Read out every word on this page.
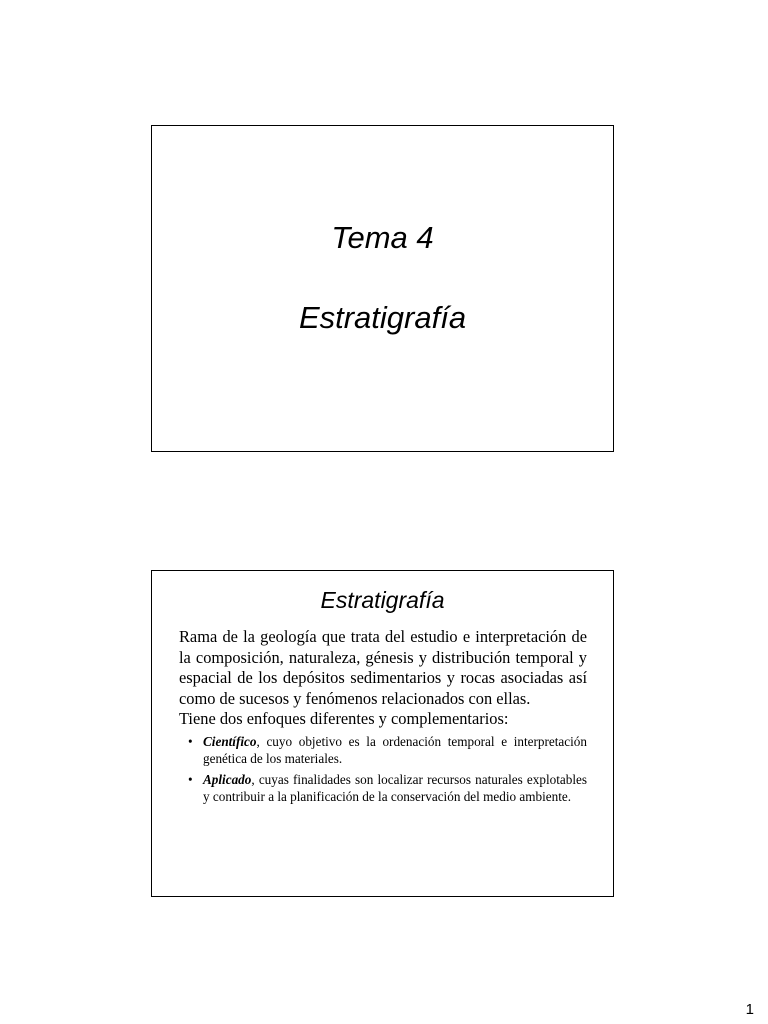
Tema 4
Estratigrafía
Estratigrafía

Rama de la geología que trata del estudio e interpretación de la composición, naturaleza, génesis y distribución temporal y espacial de los depósitos sedimentarios y rocas asociadas así como de sucesos y fenómenos relacionados con ellas.

Tiene dos enfoques diferentes y complementarios:

• Científico, cuyo objetivo es la ordenación temporal e interpretación genética de los materiales.
• Aplicado, cuyas finalidades son localizar recursos naturales explotables y contribuir a la planificación de la conservación del medio ambiente.
1
